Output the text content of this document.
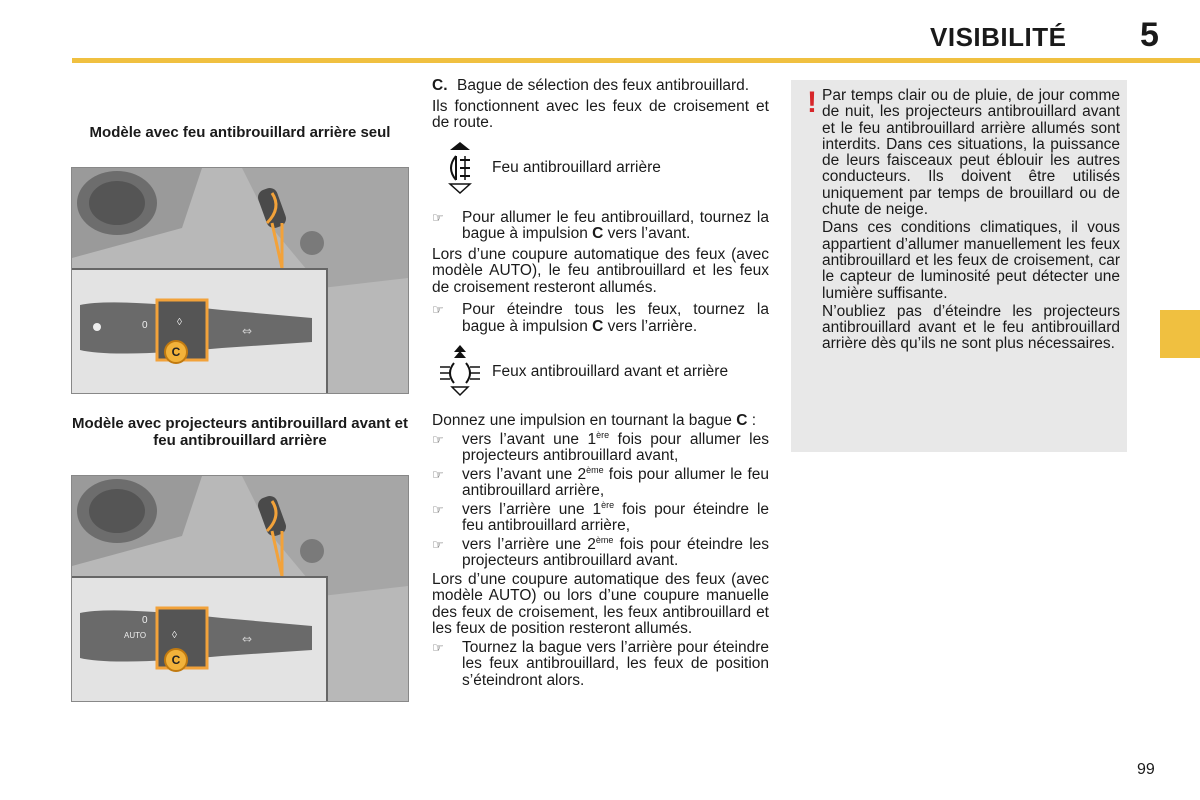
VISIBILITÉ 5
Modèle avec feu antibrouillard arrière seul
0	◊
⇔
C
Modèle avec projecteurs antibrouillard avant et feu antibrouillard arrière
0
AUTO	◊	⇔
C
C. Bague de sélection des feux antibrouillard.

Ils fonctionnent avec les feux de croisement et de route.

Feu antibrouillard arrière
☞ Pour allumer le feu antibrouillard, tournez la bague à impulsion C vers l’avant.

Lors d’une coupure automatique des feux (avec modèle AUTO), le feu antibrouillard et les feux de croisement resteront allumés.

☞ Pour éteindre tous les feux, tournez la bague à impulsion C vers l’arrière.
Feux antibrouillard avant et arrière

Donnez une impulsion en tournant la bague C :

☞ vers l’avant une 1ère fois pour allumer les projecteurs antibrouillard avant,
☞ vers l’avant une 2ème fois pour allumer le feu antibrouillard arrière,
☞ vers l’arrière une 1ère fois pour éteindre le feu antibrouillard arrière,
☞ vers l’arrière une 2ème fois pour éteindre les projecteurs antibrouillard avant.

Lors d’une coupure automatique des feux (avec modèle AUTO) ou lors d’une coupure manuelle des feux de croisement, les feux antibrouillard et les feux de position resteront allumés.

☞ Tournez la bague vers l’arrière pour éteindre les feux antibrouillard, les feux de position s’éteindront alors.
! Par temps clair ou de pluie, de jour comme de nuit, les projecteurs antibrouillard avant et le feu antibrouillard arrière allumés sont interdits. Dans ces situations, la puissance de leurs faisceaux peut éblouir les autres conducteurs. Ils doivent être utilisés uniquement par temps de brouillard ou de chute de neige.

Dans ces conditions climatiques, il vous appartient d’allumer manuellement les feux antibrouillard et les feux de croisement, car le capteur de luminosité peut détecter une lumière suffisante.

N’oubliez pas d’éteindre les projecteurs antibrouillard avant et le feu antibrouillard arrière dès qu’ils ne sont plus nécessaires.

99
